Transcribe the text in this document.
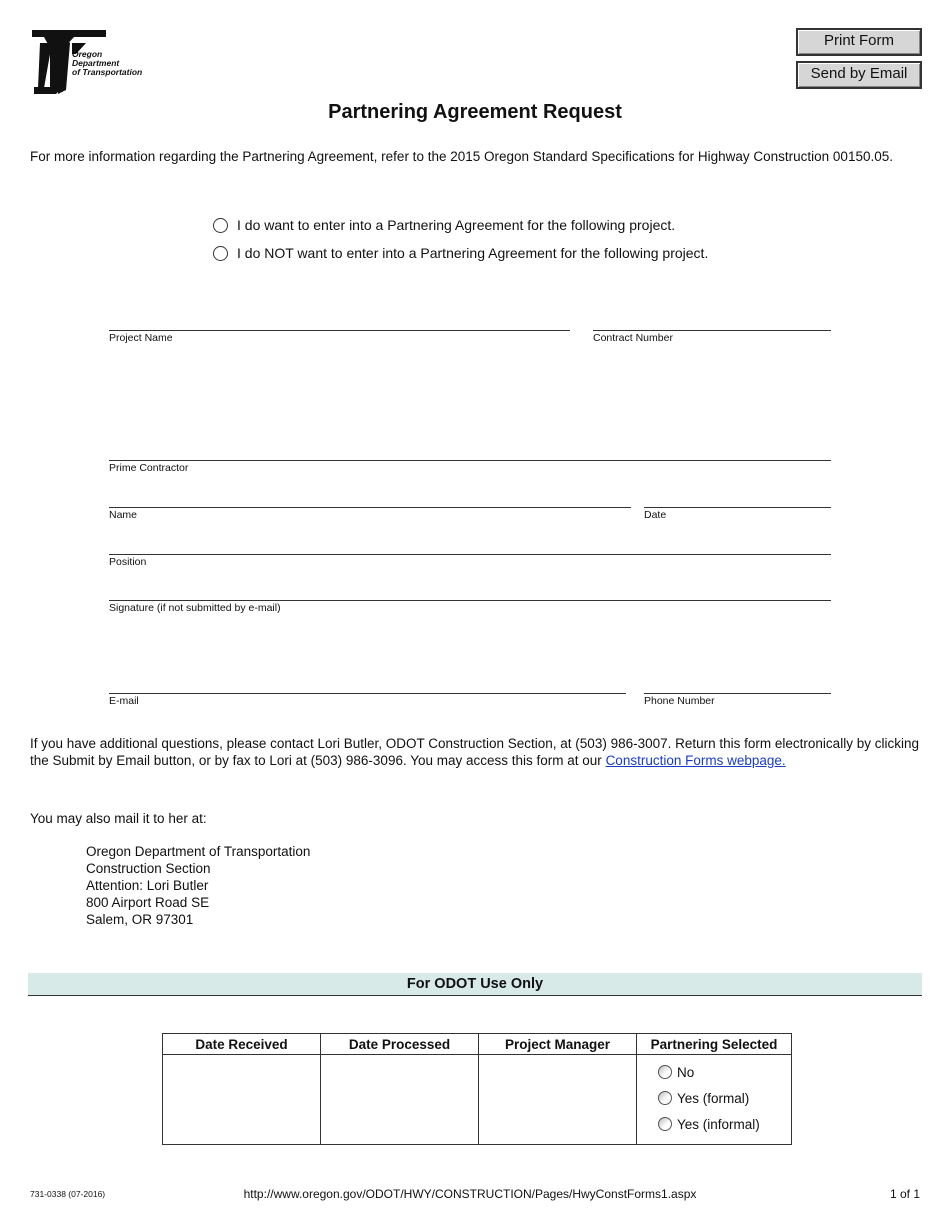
Oregon
Department
of Transportation
Print Form
Send by Email
Partnering Agreement Request
For more information regarding the Partnering Agreement, refer to the 2015 Oregon Standard Specifications for Highway Construction 00150.05.
I do want to enter into a Partnering Agreement for the following project.
I do NOT want to enter into a Partnering Agreement for the following project.
Project Name	Contract Number
Prime Contractor
Name	Date
Position
Signature (if not submitted by e-mail)
E-mail	Phone Number
If you have additional questions, please contact Lori Butler, ODOT Construction Section, at (503) 986-3007. Return this form electronically by clicking the Submit by Email button, or by fax to Lori at (503) 986-3096. You may access this form at our Construction Forms webpage.
You may also mail it to her at:
Oregon Department of Transportation
Construction Section
Attention: Lori Butler
800 Airport Road SE
Salem, OR 97301
For ODOT Use Only
Date Received	Date Processed	Project Manager	Partnering Selected

			No
Yes (formal)
Yes (informal)
731-0338 (07-2016)	http://www.oregon.gov/ODOT/HWY/CONSTRUCTION/Pages/HwyConstForms1.aspx	1 of 1
